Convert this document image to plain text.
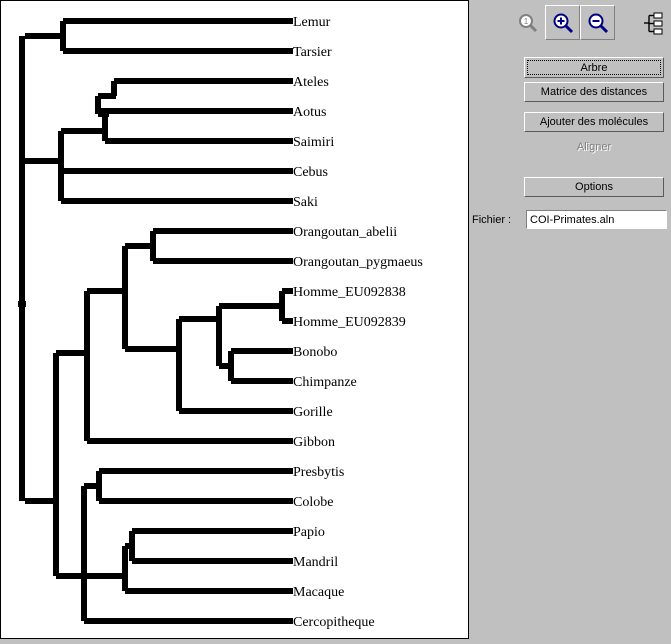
Lemur
Tarsier
Ateles
Aotus
Saimiri
Cebus
Saki
Orangoutan_abelii
Orangoutan_pygmaeus
Homme_EU092838
Homme_EU092839
Bonobo
Chimpanze
Gorille
Gibbon
Presbytis
Colobe
Papio
Mandril
Macaque
Cercopitheque
1
Arbre
Matrice des distances
Ajouter des molécules
Aligner
Options
Fichier :
COI-Primates.aln
